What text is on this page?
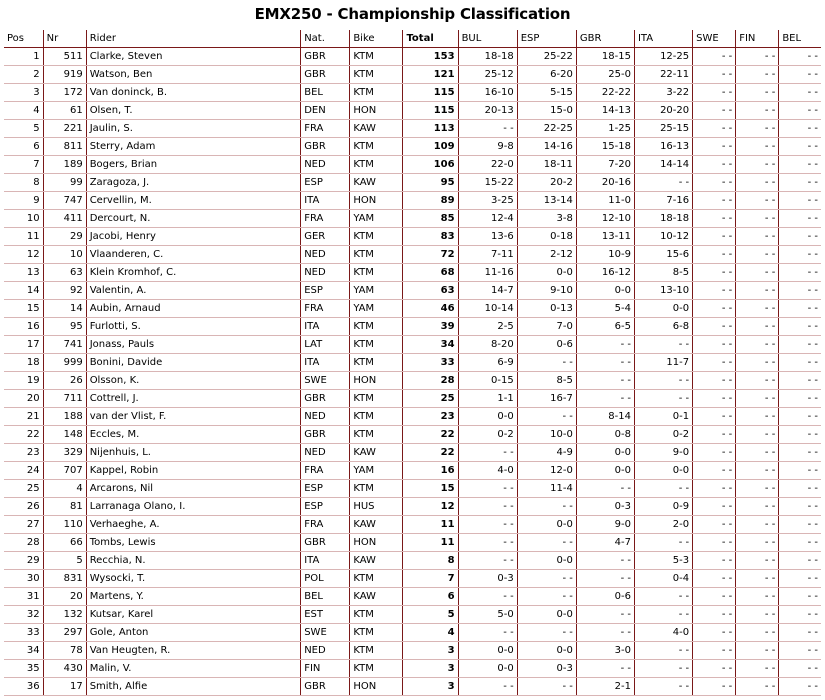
EMX250 - Championship Classification
Pos	Nr	Rider	Nat.	Bike	Total	BUL	ESP	GBR	ITA	SWE	FIN	BEL
1	511	Clarke, Steven	GBR	KTM	153	18-18	25-22	18-15	12-25	- -	- -	- -
2	919	Watson, Ben	GBR	KTM	121	25-12	6-20	25-0	22-11	- -	- -	- -
3	172	Van doninck, B.	BEL	KTM	115	16-10	5-15	22-22	3-22	- -	- -	- -
4	61	Olsen, T.	DEN	HON	115	20-13	15-0	14-13	20-20	- -	- -	- -
5	221	Jaulin, S.	FRA	KAW	113	- -	22-25	1-25	25-15	- -	- -	- -
6	811	Sterry, Adam	GBR	KTM	109	9-8	14-16	15-18	16-13	- -	- -	- -
7	189	Bogers, Brian	NED	KTM	106	22-0	18-11	7-20	14-14	- -	- -	- -
8	99	Zaragoza, J.	ESP	KAW	95	15-22	20-2	20-16	- -	- -	- -	- -
9	747	Cervellin, M.	ITA	HON	89	3-25	13-14	11-0	7-16	- -	- -	- -
10	411	Dercourt, N.	FRA	YAM	85	12-4	3-8	12-10	18-18	- -	- -	- -
11	29	Jacobi, Henry	GER	KTM	83	13-6	0-18	13-11	10-12	- -	- -	- -
12	10	Vlaanderen, C.	NED	KTM	72	7-11	2-12	10-9	15-6	- -	- -	- -
13	63	Klein Kromhof, C.	NED	KTM	68	11-16	0-0	16-12	8-5	- -	- -	- -
14	92	Valentin, A.	ESP	YAM	63	14-7	9-10	0-0	13-10	- -	- -	- -
15	14	Aubin, Arnaud	FRA	YAM	46	10-14	0-13	5-4	0-0	- -	- -	- -
16	95	Furlotti, S.	ITA	KTM	39	2-5	7-0	6-5	6-8	- -	- -	- -
17	741	Jonass, Pauls	LAT	KTM	34	8-20	0-6	- -	- -	- -	- -	- -
18	999	Bonini, Davide	ITA	KTM	33	6-9	- -	- -	11-7	- -	- -	- -
19	26	Olsson, K.	SWE	HON	28	0-15	8-5	- -	- -	- -	- -	- -
20	711	Cottrell, J.	GBR	KTM	25	1-1	16-7	- -	- -	- -	- -	- -
21	188	van der Vlist, F.	NED	KTM	23	0-0	- -	8-14	0-1	- -	- -	- -
22	148	Eccles, M.	GBR	KTM	22	0-2	10-0	0-8	0-2	- -	- -	- -
23	329	Nijenhuis, L.	NED	KAW	22	- -	4-9	0-0	9-0	- -	- -	- -
24	707	Kappel, Robin	FRA	YAM	16	4-0	12-0	0-0	0-0	- -	- -	- -
25	4	Arcarons, Nil	ESP	KTM	15	- -	11-4	- -	- -	- -	- -	- -
26	81	Larranaga Olano, I.	ESP	HUS	12	- -	- -	0-3	0-9	- -	- -	- -
27	110	Verhaeghe, A.	FRA	KAW	11	- -	0-0	9-0	2-0	- -	- -	- -
28	66	Tombs, Lewis	GBR	HON	11	- -	- -	4-7	- -	- -	- -	- -
29	5	Recchia, N.	ITA	KAW	8	- -	0-0	- -	5-3	- -	- -	- -
30	831	Wysocki, T.	POL	KTM	7	0-3	- -	- -	0-4	- -	- -	- -
31	20	Martens, Y.	BEL	KAW	6	- -	- -	0-6	- -	- -	- -	- -
32	132	Kutsar, Karel	EST	KTM	5	5-0	0-0	- -	- -	- -	- -	- -
33	297	Gole, Anton	SWE	KTM	4	- -	- -	- -	4-0	- -	- -	- -
34	78	Van Heugten, R.	NED	KTM	3	0-0	0-0	3-0	- -	- -	- -	- -
35	430	Malin, V.	FIN	KTM	3	0-0	0-3	- -	- -	- -	- -	- -
36	17	Smith, Alfie	GBR	HON	3	- -	- -	2-1	- -	- -	- -	- -
